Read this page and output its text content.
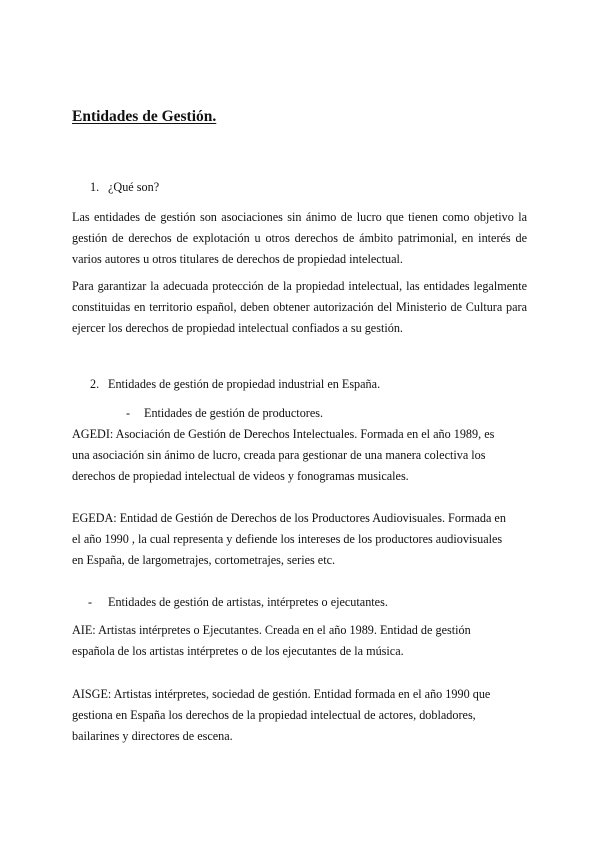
Entidades de Gestión.
1. ¿Qué son?

Las entidades de gestión son asociaciones sin ánimo de lucro que tienen como objetivo la gestión de derechos de explotación u otros derechos de ámbito patrimonial, en interés de varios autores u otros titulares de derechos de propiedad intelectual.

Para garantizar la adecuada protección de la propiedad intelectual, las entidades legalmente constituidas en territorio español, deben obtener autorización del Ministerio de Cultura para ejercer los derechos de propiedad intelectual confiados a su gestión.

2. Entidades de gestión de propiedad industrial en España.
- Entidades de gestión de productores.

AGEDI: Asociación de Gestión de Derechos Intelectuales. Formada en el año 1989, es una asociación sin ánimo de lucro, creada para gestionar de una manera colectiva los derechos de propiedad intelectual de videos y fonogramas musicales.

EGEDA: Entidad de Gestión de Derechos de los Productores Audiovisuales. Formada en el año 1990 , la cual representa y defiende los intereses de los productores audiovisuales en España, de largometrajes, cortometrajes, series etc.

- Entidades de gestión de artistas, intérpretes o ejecutantes.

AIE: Artistas intérpretes o Ejecutantes. Creada en el año 1989. Entidad de gestión española de los artistas intérpretes o de los ejecutantes de la música.

AISGE: Artistas intérpretes, sociedad de gestión. Entidad formada en el año 1990 que gestiona en España los derechos de la propiedad intelectual de actores, dobladores, bailarines y directores de escena.
